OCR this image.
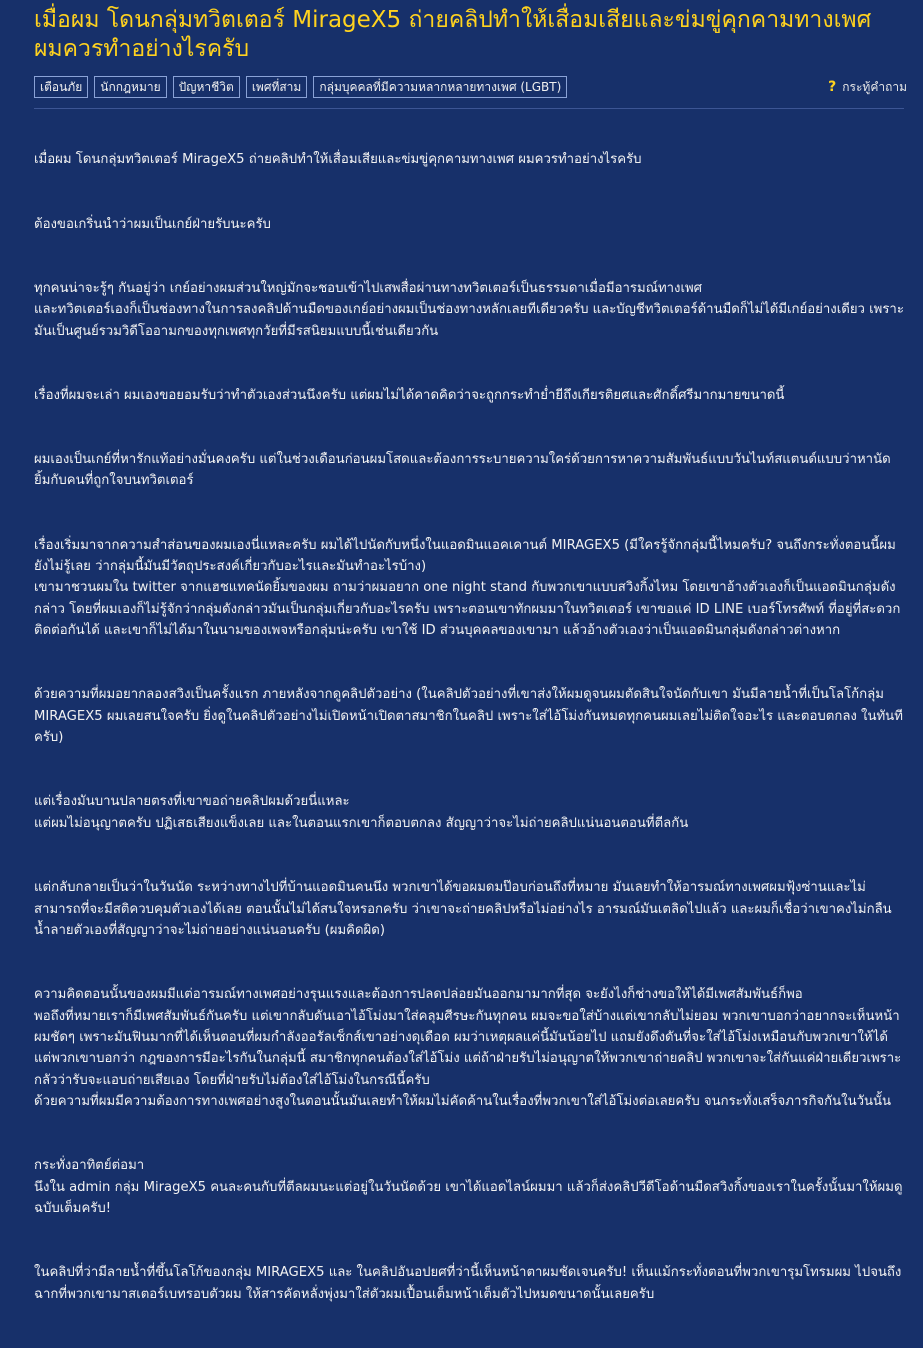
เมื่อผม โดนกลุ่มทวิตเตอร์ MirageX5 ถ่ายคลิปทำให้เสื่อมเสียและข่มขู่คุกคามทางเพศ ผมควรทำอย่างไรครับ
เตือนภัย	นักกฎหมาย	ปัญหาชีวิต	เพศที่สาม	กลุ่มบุคคลที่มีความหลากหลายทางเพศ (LGBT)	? กระทู้คำถาม

เมื่อผม โดนกลุ่มทวิตเตอร์ MirageX5 ถ่ายคลิปทำให้เสื่อมเสียและข่มขู่คุกคามทางเพศ ผมควรทำอย่างไรครับ

ต้องขอเกริ่นนำว่าผมเป็นเกย์ฝ่ายรับนะครับ

ทุกคนน่าจะรู้ๆ กันอยู่ว่า เกย์อย่างผมส่วนใหญ่มักจะชอบเข้าไปเสพสื่อผ่านทางทวิตเตอร์เป็นธรรมดาเมื่อมีอารมณ์ทางเพศ
และทวิตเตอร์เองก็เป็นช่องทางในการลงคลิปด้านมืดของเกย์อย่างผมเป็นช่องทางหลักเลยทีเดียวครับ และบัญชีทวิตเตอร์ด้านมืดก็ไม่ได้มีเกย์อย่างเดียว เพราะมันเป็นศูนย์รวมวิดีโออามกของทุกเพศทุกวัยที่มีรสนิยมแบบนี้เช่นเดียวกัน

เรื่องที่ผมจะเล่า ผมเองขอยอมรับว่าทำตัวเองส่วนนึงครับ แต่ผมไม่ได้คาดคิดว่าจะถูกกระทำย่ำยีถึงเกียรติยศและศักดิ์ศรีมากมายขนาดนี้

ผมเองเป็นเกย์ที่หารักแท้อย่างมั่นคงครับ แต่ในช่วงเดือนก่อนผมโสดและต้องการระบายความใคร่ด้วยการหาความสัมพันธ์แบบวันไนท์สแตนด์แบบว่าหานัดยิ้มกับคนที่ถูกใจบนทวิตเตอร์

เรื่องเริ่มมาจากความสำส่อนของผมเองนี่แหละครับ ผมได้ไปนัดกับหนึ่งในแอดมินแอคเคานต์ MIRAGEX5 (มีใครรู้จักกลุ่มนี้ไหมครับ? จนถึงกระทั่งตอนนี้ผมยังไม่รู้เลย ว่ากลุ่มนี้มันมีวัตถุประสงค์เกี่ยวกับอะไรและมันทำอะไรบ้าง)
เขามาชวนผมใน twitter จากแฮชแทคนัดยิ้มของผม ถามว่าผมอยาก one night stand กับพวกเขาแบบสวิงกิ้งไหม โดยเขาอ้างตัวเองก็เป็นแอดมินกลุ่มดังกล่าว โดยที่ผมเองก็ไม่รู้จักว่ากลุ่มดังกล่าวมันเป็นกลุ่มเกี่ยวกับอะไรครับ เพราะตอนเขาทักผมมาในทวิตเตอร์ เขาขอแค่ ID LINE เบอร์โทรศัพท์ ที่อยู่ที่สะดวกติดต่อกันได้ และเขาก็ไม่ได้มาในนามของเพจหรือกลุ่มน่ะครับ เขาใช้ ID ส่วนบุคคลของเขามา แล้วอ้างตัวเองว่าเป็นแอดมินกลุ่มดังกล่าวต่างหาก

ด้วยความที่ผมอยากลองสวิงเป็นครั้งแรก ภายหลังจากดูคลิปตัวอย่าง (ในคลิปตัวอย่างที่เขาส่งให้ผมดูจนผมตัดสินใจนัดกับเขา มันมีลายน้ำที่เป็นโลโก้กลุ่ม MIRAGEX5 ผมเลยสนใจครับ ยิ่งดูในคลิปตัวอย่างไม่เปิดหน้าเปิดตาสมาชิกในคลิป เพราะใส่ไอ้โม่งกันหมดทุกคนผมเลยไม่ติดใจอะไร และตอบตกลง ในทันทีครับ)

แต่เรื่องมันบานปลายตรงที่เขาขอถ่ายคลิปผมด้วยนี่แหละ
แต่ผมไม่อนุญาตครับ ปฏิเสธเสียงแข็งเลย และในตอนแรกเขาก็ตอบตกลง สัญญาว่าจะไม่ถ่ายคลิปแน่นอนตอนที่ตีลกัน

แต่กลับกลายเป็นว่าในวันนัด ระหว่างทางไปที่บ้านแอดมินคนนึง พวกเขาได้ขอผมดมป๊อบก่อนถึงที่หมาย มันเลยทำให้อารมณ์ทางเพศผมฟุ้งซ่านและไม่สามารถที่จะมีสติควบคุมตัวเองได้เลย ตอนนั้นไม่ได้สนใจหรอกครับ ว่าเขาจะถ่ายคลิปหรือไม่อย่างไร อารมณ์มันเตลิดไปแล้ว และผมก็เชื่อว่าเขาคงไม่กลืนน้ำลายตัวเองที่สัญญาว่าจะไม่ถ่ายอย่างแน่นอนครับ (ผมคิดผิด)

ความคิดตอนนั้นของผมมีแต่อารมณ์ทางเพศอย่างรุนแรงและต้องการปลดปล่อยมันออกมามากที่สุด จะยังไงก็ช่างขอให้ได้มีเพศสัมพันธ์ก็พอ
พอถึงที่หมายเราก็มีเพศสัมพันธ์กันครับ แต่เขากลับดันเอาไอ้โม่งมาใส่คลุมศีรษะกันทุกคน ผมจะขอใส่บ้างแต่เขากลับไม่ยอม พวกเขาบอกว่าอยากจะเห็นหน้าผมชัดๆ เพราะมันฟินมากที่ได้เห็นตอนที่ผมกำลังออรัลเซ็กส์เขาอย่างดุเดือด ผมว่าเหตุผลแค่นี้มันน้อยไป แถมยังดึงดันที่จะใส่ไอ้โม่งเหมือนกับพวกเขาให้ได้
แต่พวกเขาบอกว่า กฎของการมีอะไรกันในกลุ่มนี้ สมาชิกทุกคนต้องใส่ไอ้โม่ง แต่ถ้าฝ่ายรับไม่อนุญาตให้พวกเขาถ่ายคลิป พวกเขาจะใส่กันแค่ฝ่ายเดียวเพราะกลัวว่ารับจะแอบถ่ายเสียเอง โดยที่ฝ่ายรับไม่ต้องใส่ไอ้โม่งในกรณีนี้ครับ
ด้วยความที่ผมมีความต้องการทางเพศอย่างสูงในตอนนั้นมันเลยทำให้ผมไม่คัดค้านในเรื่องที่พวกเขาใส่ไอ้โม่งต่อเลยครับ จนกระทั่งเสร็จภารกิจกันในวันนั้น

กระทั่งอาทิตย์ต่อมา
นึงใน admin กลุ่ม MirageX5 คนละคนกับที่ตีลผมนะแต่อยู่ในวันนัดด้วย เขาได้แอดไลน์ผมมา แล้วก็ส่งคลิปวีดีโอด้านมืดสวิงกิ้งของเราในครั้งนั้นมาให้ผมดูฉบับเต็มครับ!

ในคลิปที่ว่ามีลายน้ำที่ขึ้นโลโก้ของกลุ่ม MIRAGEX5 และ ในคลิปอันอปยศที่ว่านี้เห็นหน้าตาผมชัดเจนครับ! เห็นแม้กระทั่งตอนที่พวกเขารุมโทรมผม ไปจนถึงฉากที่พวกเขามาสเตอร์เบทรอบตัวผม ให้สารคัดหลั่งพุ่งมาใส่ตัวผมเปื้อนเต็มหน้าเต็มตัวไปหมดขนาดนั้นเลยครับ
